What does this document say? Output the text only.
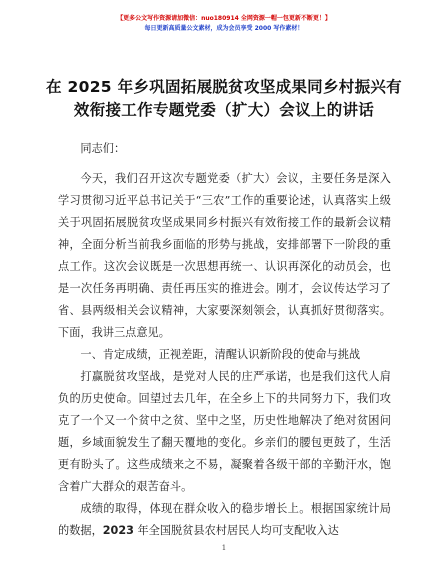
【更多公文写作资源请加微信：nuo180914 全网资源一帽一包更新不断更！】
每日更新高质量公文素材，成为会员享受 2000 写作素材！
在 2025 年乡巩固拓展脱贫攻坚成果同乡村振兴有效衔接工作专题党委（扩大）会议上的讲话

同志们：

今天，我们召开这次专题党委（扩大）会议，主要任务是深入学习贯彻习近平总书记关于“三农”工作的重要论述，认真落实上级关于巩固拓展脱贫攻坚成果同乡村振兴有效衔接工作的最新会议精神，全面分析当前我乡面临的形势与挑战，安排部署下一阶段的重点工作。这次会议既是一次思想再统一、认识再深化的动员会，也是一次任务再明确、责任再压实的推进会。刚才，会议传达学习了省、县两级相关会议精神，大家要深刻领会，认真抓好贯彻落实。下面，我讲三点意见。

一、肯定成绩，正视差距，清醒认识新阶段的使命与挑战

打赢脱贫攻坚战，是党对人民的庄严承诺，也是我们这代人肩负的历史使命。回望过去几年，在全乡上下的共同努力下，我们攻克了一个又一个贫中之贫、坚中之坚，历史性地解决了绝对贫困问题，乡域面貌发生了翻天覆地的变化。乡亲们的腰包更鼓了，生活更有盼头了。这些成绩来之不易，凝聚着各级干部的辛勤汗水，饱含着广大群众的艰苦奋斗。

成绩的取得，体现在群众收入的稳步增长上。根据国家统计局的数据，2023 年全国脱贫县农村居民人均可支配收入达

1
